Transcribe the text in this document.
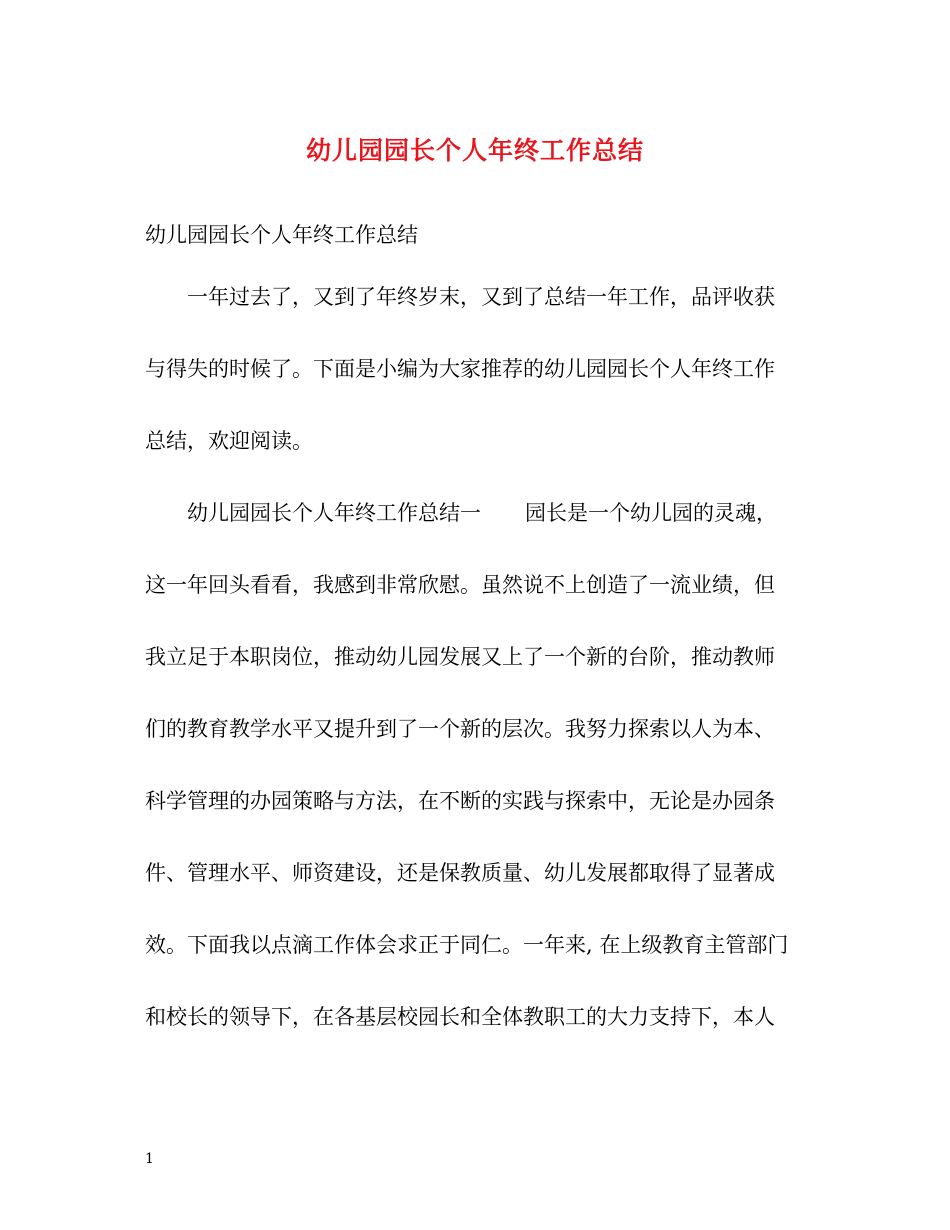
幼儿园园长个人年终工作总结
幼儿园园长个人年终工作总结
一年过去了，又到了年终岁末，又到了总结一年工作，品评收获
与得失的时候了。下面是小编为大家推荐的幼儿园园长个人年终工作
总结，欢迎阅读。
幼儿园园长个人年终工作总结一 园长是一个幼儿园的灵魂，
这一年回头看看，我感到非常欣慰。虽然说不上创造了一流业绩，但
我立足于本职岗位，推动幼儿园发展又上了一个新的台阶，推动教师
们的教育教学水平又提升到了一个新的层次。我努力探索以人为本、
科学管理的办园策略与方法，在不断的实践与探索中，无论是办园条
件、管理水平、师资建设，还是保教质量、幼儿发展都取得了显著成
效。下面我以点滴工作体会求正于同仁。一年来, 在上级教育主管部门
和校长的领导下，在各基层校园长和全体教职工的大力支持下，本人
1
